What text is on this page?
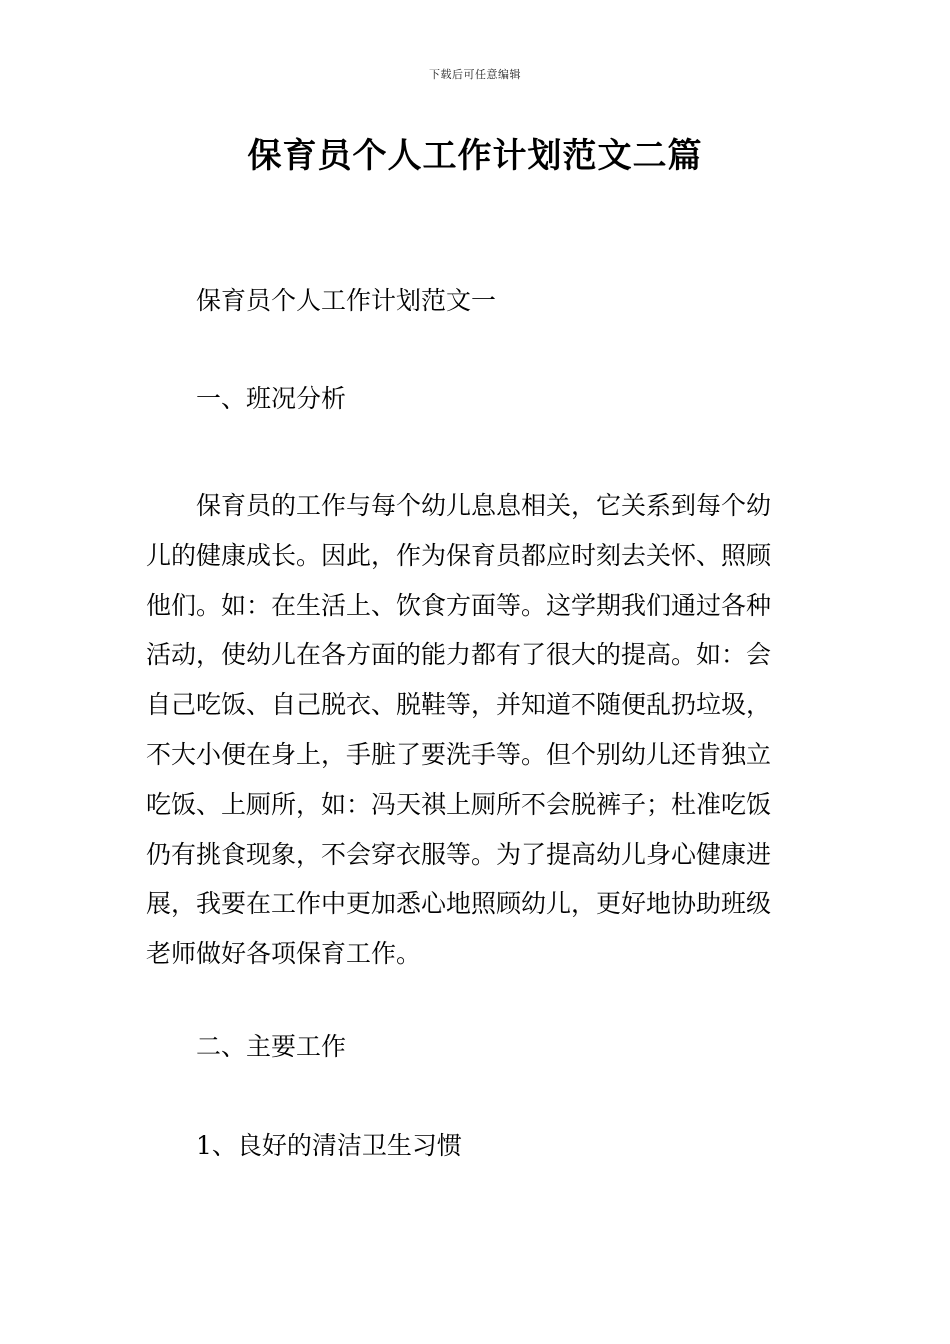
下载后可任意编辑
保育员个人工作计划范文二篇
保育员个人工作计划范文一
一、班况分析

保育员的工作与每个幼儿息息相关，它关系到每个幼
儿的健康成长。因此，作为保育员都应时刻去关怀、照顾
他们。如：在生活上、饮食方面等。这学期我们通过各种
活动，使幼儿在各方面的能力都有了很大的提高。如：会
自己吃饭、自己脱衣、脱鞋等，并知道不随便乱扔垃圾，
不大小便在身上，手脏了要洗手等。但个别幼儿还肯独立
吃饭、上厕所，如：冯天祺上厕所不会脱裤子；杜准吃饭
仍有挑食现象，不会穿衣服等。为了提高幼儿身心健康进
展，我要在工作中更加悉心地照顾幼儿，更好地协助班级
老师做好各项保育工作。

二、主要工作
1、良好的清洁卫生习惯
